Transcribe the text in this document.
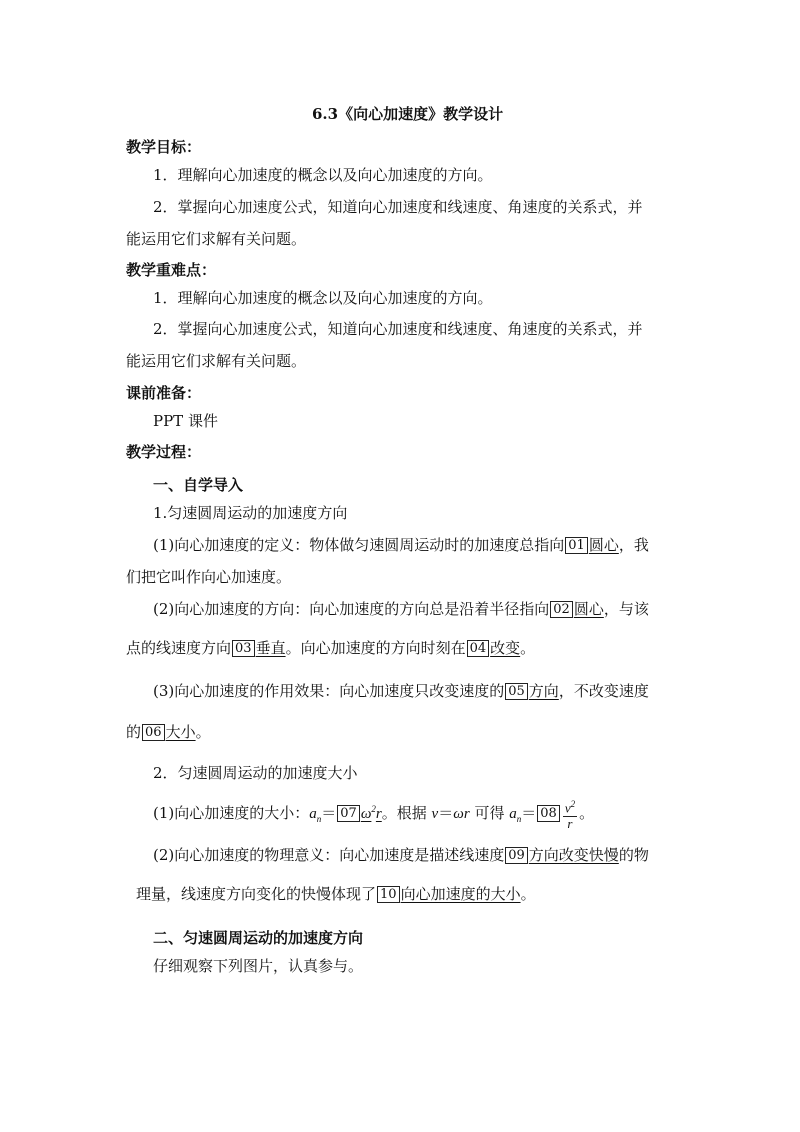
6.3《向心加速度》教学设计
教学目标：
1．理解向心加速度的概念以及向心加速度的方向。
2．掌握向心加速度公式，知道向心加速度和线速度、角速度的关系式，并
能运用它们求解有关问题。
教学重难点：
1．理解向心加速度的概念以及向心加速度的方向。
2．掌握向心加速度公式，知道向心加速度和线速度、角速度的关系式，并
能运用它们求解有关问题。
课前准备：
PPT 课件
教学过程：
一、自学导入
1.匀速圆周运动的加速度方向
(1)向心加速度的定义：物体做匀速圆周运动时的加速度总指向 01 圆心，我
们把它叫作向心加速度。
(2)向心加速度的方向：向心加速度的方向总是沿着半径指向 02 圆心，与该
点的线速度方向 03 垂直。向心加速度的方向时刻在 04 改变。
(3)向心加速度的作用效果：向心加速度只改变速度的 05 方向，不改变速度
的 06 大小。
2．匀速圆周运动的加速度大小
(1)向心加速度的大小：$a_n= 07$ $\omega^2r$。根据 v＝ωr 可得 $a_n= 08 \frac{v^2}{r}$ 。
(2)向心加速度的物理意义：向心加速度是描述线速度 09 方向改变快慢的物
理量，线速度方向变化的快慢体现了 10 向心加速度的大小。
二、匀速圆周运动的加速度方向
仔细观察下列图片，认真参与。
